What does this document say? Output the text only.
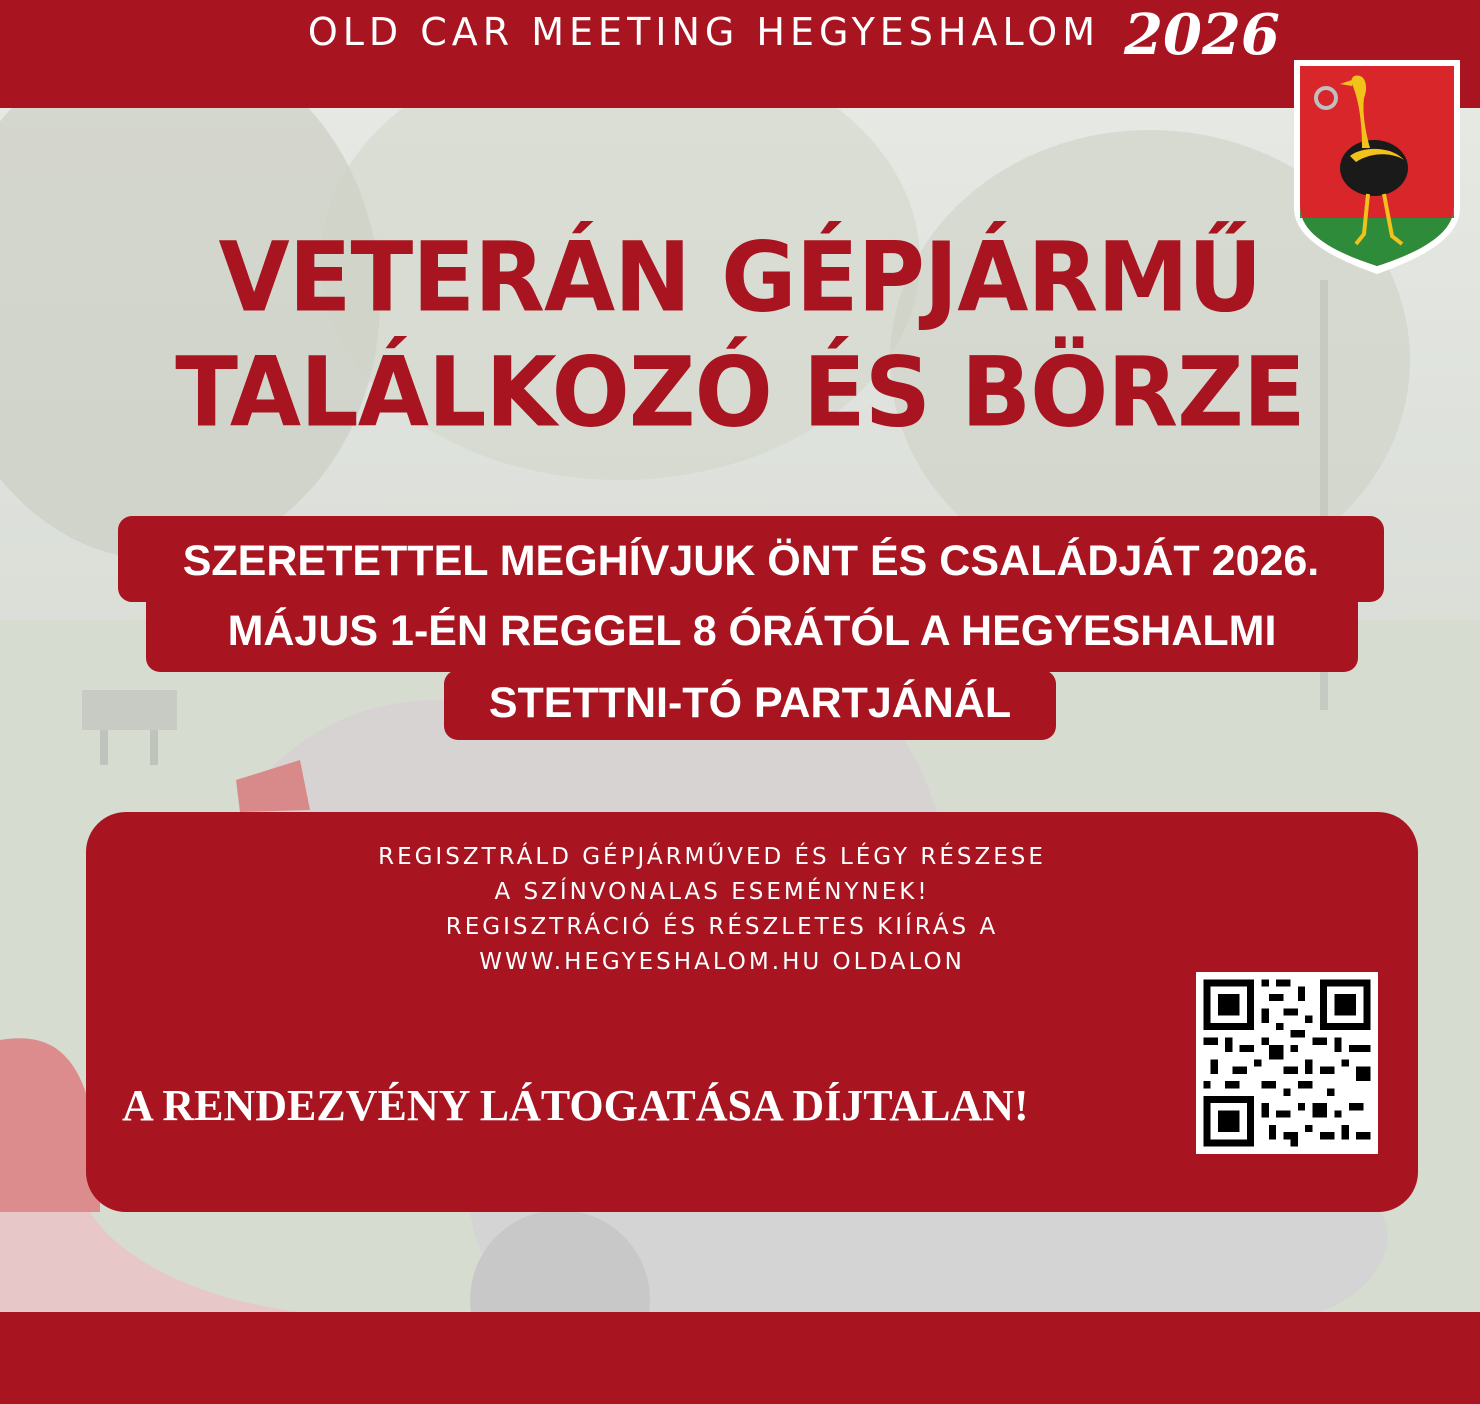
OLD CAR MEETING HEGYESHALOM 2026
VETERÁN GÉPJÁRMŰ
TALÁLKOZÓ ÉS BÖRZE
SZERETETTEL MEGHÍVJUK ÖNT ÉS CSALÁDJÁT 2026.
MÁJUS 1-ÉN REGGEL 8 ÓRÁTÓL A HEGYESHALMI
STETTNI-TÓ PARTJÁNÁL
REGISZTRÁLD GÉPJÁRMŰVED ÉS LÉGY RÉSZESE
A SZÍNVONALAS ESEMÉNYNEK!
REGISZTRÁCIÓ ÉS RÉSZLETES KIÍRÁS A
WWW.HEGYESHALOM.HU OLDALON
A RENDEZVÉNY LÁTOGATÁSA DÍJTALAN!
